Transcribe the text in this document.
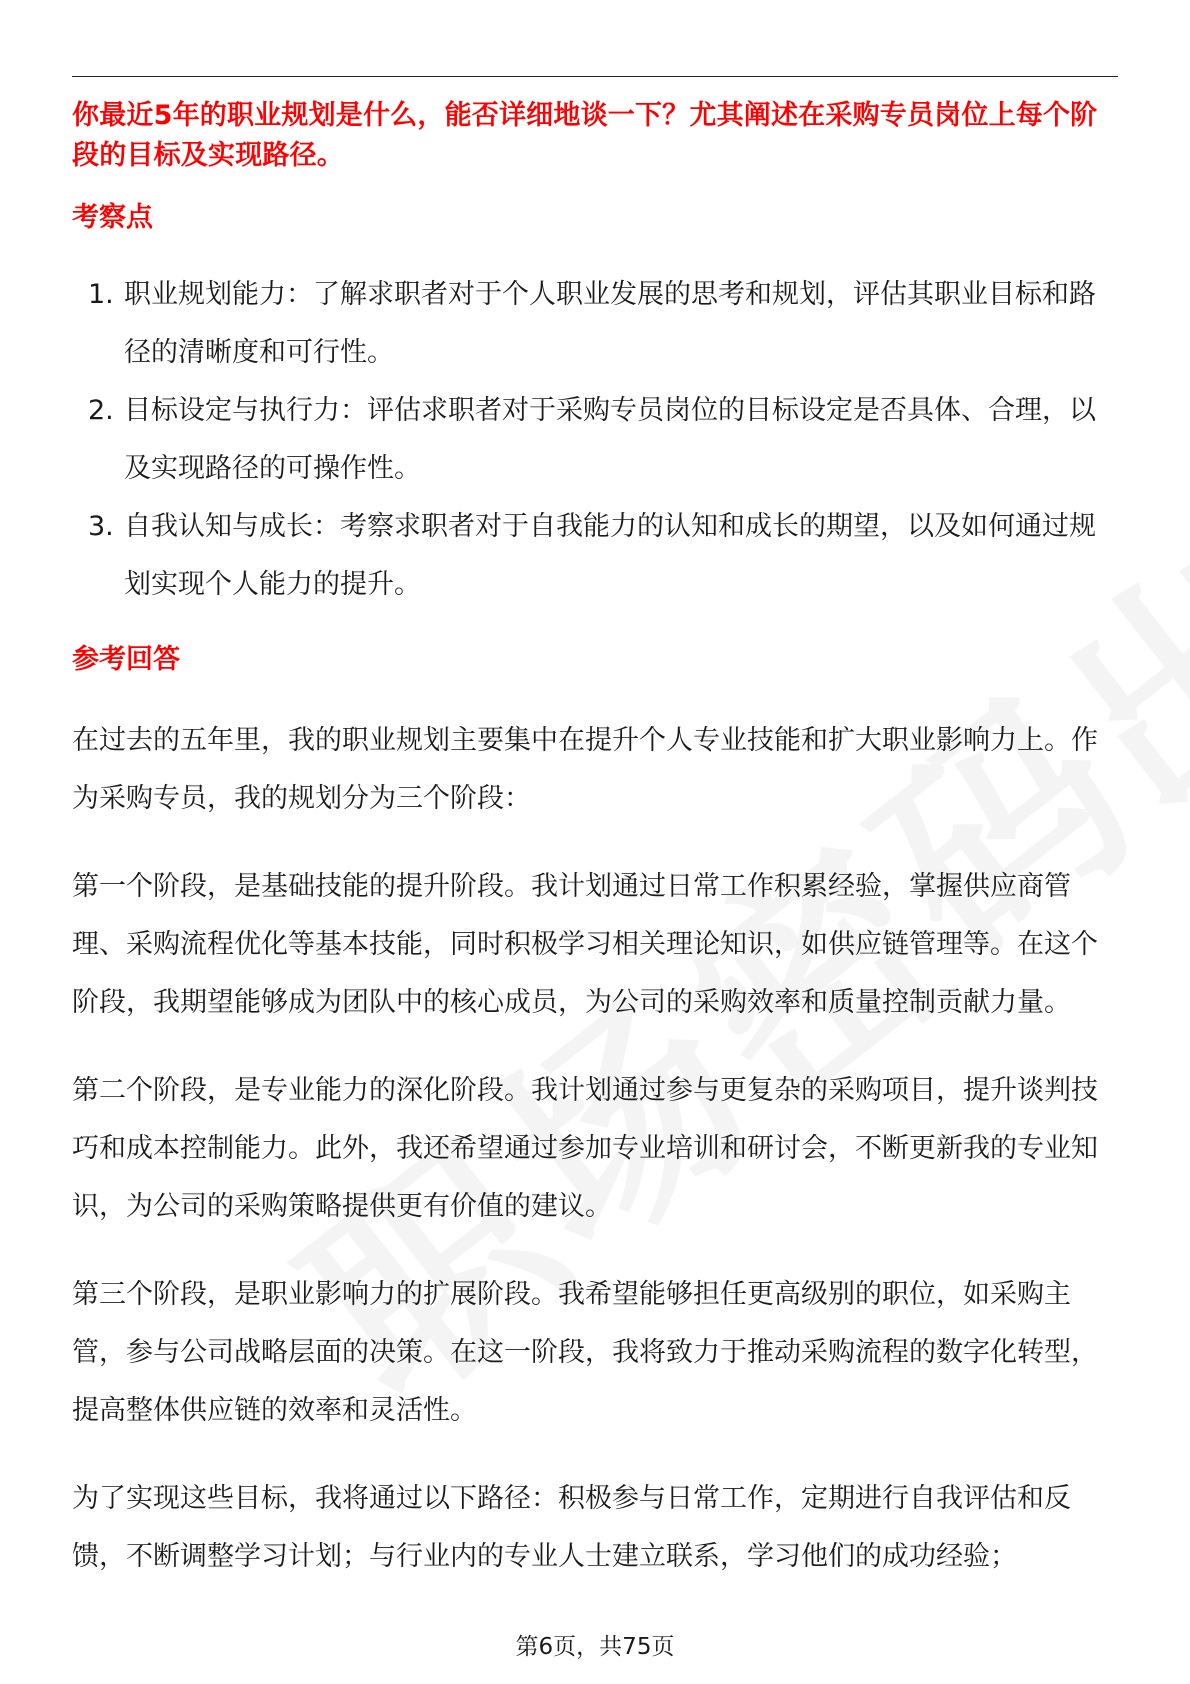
你最近5年的职业规划是什么，能否详细地谈一下？尤其阐述在采购专员岗位上每个阶段的目标及实现路径。

考察点
1. 职业规划能力：了解求职者对于个人职业发展的思考和规划，评估其职业目标和路径的清晰度和可行性。
2. 目标设定与执行力：评估求职者对于采购专员岗位的目标设定是否具体、合理，以及实现路径的可操作性。
3. 自我认知与成长：考察求职者对于自我能力的认知和成长的期望，以及如何通过规划实现个人能力的提升。
参考回答

在过去的五年里，我的职业规划主要集中在提升个人专业技能和扩大职业影响力上。作为采购专员，我的规划分为三个阶段：

第一个阶段，是基础技能的提升阶段。我计划通过日常工作积累经验，掌握供应商管理、采购流程优化等基本技能，同时积极学习相关理论知识，如供应链管理等。在这个阶段，我期望能够成为团队中的核心成员，为公司的采购效率和质量控制贡献力量。

第二个阶段，是专业能力的深化阶段。我计划通过参与更复杂的采购项目，提升谈判技巧和成本控制能力。此外，我还希望通过参加专业培训和研讨会，不断更新我的专业知识，为公司的采购策略提供更有价值的建议。

第三个阶段，是职业影响力的扩展阶段。我希望能够担任更高级别的职位，如采购主管，参与公司战略层面的决策。在这一阶段，我将致力于推动采购流程的数字化转型，提高整体供应链的效率和灵活性。

为了实现这些目标，我将通过以下路径：积极参与日常工作，定期进行自我评估和反馈，不断调整学习计划；与行业内的专业人士建立联系，学习他们的成功经验；

第6页，共75页
